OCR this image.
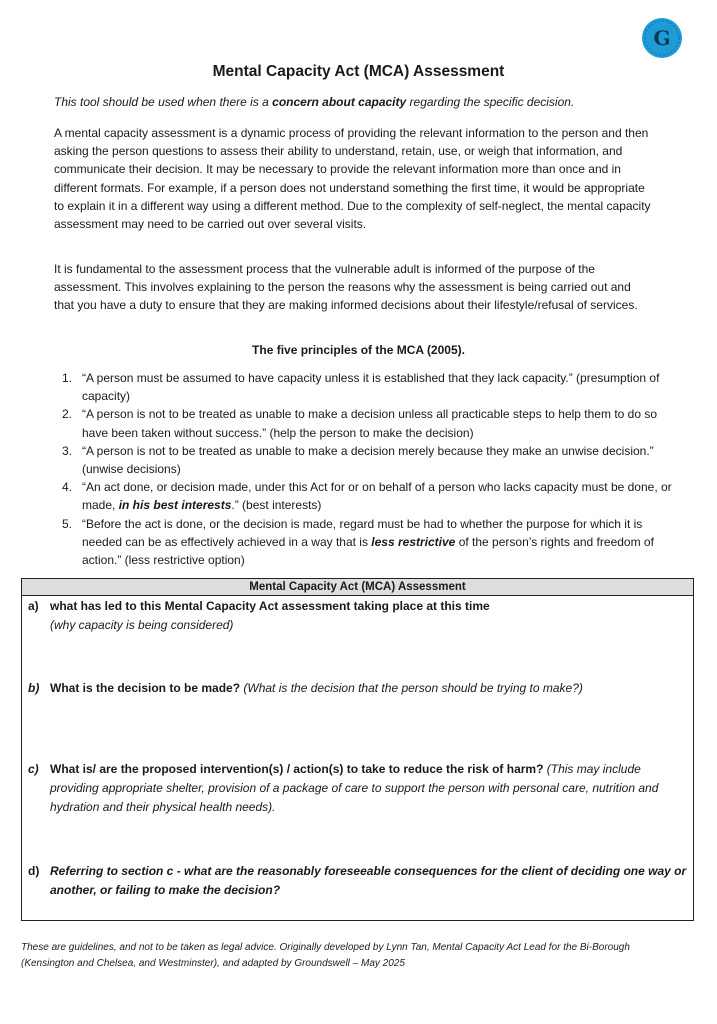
G
Mental Capacity Act (MCA) Assessment
This tool should be used when there is a concern about capacity regarding the specific decision.

A mental capacity assessment is a dynamic process of providing the relevant information to the person and then asking the person questions to assess their ability to understand, retain, use, or weigh that information, and communicate their decision. It may be necessary to provide the relevant information more than once and in different formats. For example, if a person does not understand something the first time, it would be appropriate to explain it in a different way using a different method. Due to the complexity of self-neglect, the mental capacity assessment may need to be carried out over several visits.

It is fundamental to the assessment process that the vulnerable adult is informed of the purpose of the assessment. This involves explaining to the person the reasons why the assessment is being carried out and that you have a duty to ensure that they are making informed decisions about their lifestyle/refusal of services.

The five principles of the MCA (2005).
1. “A person must be assumed to have capacity unless it is established that they lack capacity.” (presumption of capacity)
2. “A person is not to be treated as unable to make a decision unless all practicable steps to help them to do so have been taken without success.” (help the person to make the decision)
3. “A person is not to be treated as unable to make a decision merely because they make an unwise decision.” (unwise decisions)
4. “An act done, or decision made, under this Act for or on behalf of a person who lacks capacity must be done, or made, in his best interests.” (best interests)
5. “Before the act is done, or the decision is made, regard must be had to whether the purpose for which it is needed can be as effectively achieved in a way that is less restrictive of the person’s rights and freedom of action.” (less restrictive option)
Mental Capacity Act (MCA) Assessment
a) what has led to this Mental Capacity Act assessment taking place at this time
(why capacity is being considered)
b) What is the decision to be made? (What is the decision that the person should be trying to make?)
c) What is/ are the proposed intervention(s) / action(s) to take to reduce the risk of harm? (This may include providing appropriate shelter, provision of a package of care to support the person with personal care, nutrition and hydration and their physical health needs).
d) Referring to section c - what are the reasonably foreseeable consequences for the client of deciding one way or another, or failing to make the decision?
These are guidelines, and not to be taken as legal advice. Originally developed by Lynn Tan, Mental Capacity Act Lead for the Bi-Borough (Kensington and Chelsea, and Westminster), and adapted by Groundswell – May 2025
